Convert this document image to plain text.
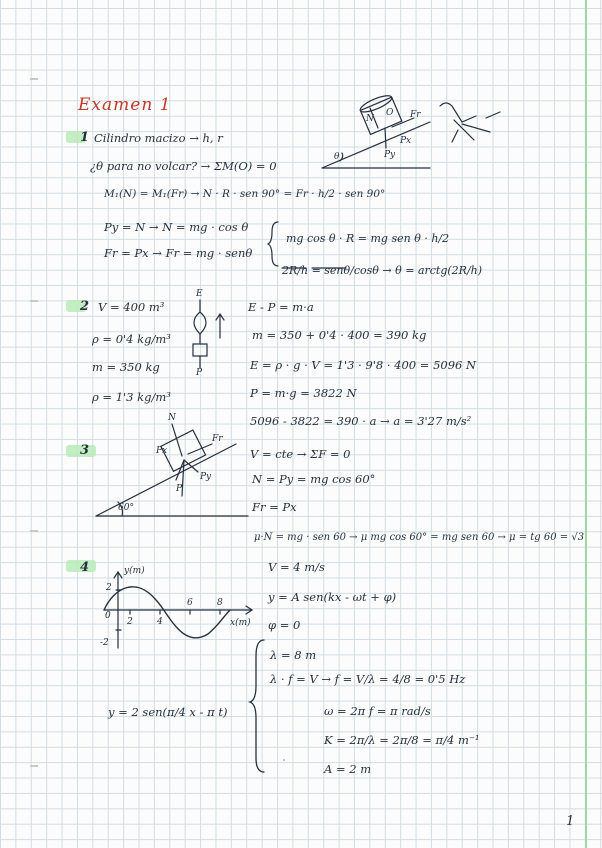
Examen 1
1
2
3
4
Cilindro macizo → h, r
¿θ para no volcar? → ΣM(O) = 0
M₁(N) = M₁(Fr) → N · R · sen 90° = Fr · h/2 · sen 90°
Py = N → N = mg · cos θ
Fr = Px → Fr = mg · senθ
mg cos θ · R = mg sen θ · h/2
2R/h = senθ/cosθ → θ = arctg(2R/h)
V = 400 m³
ρ = 0'4 kg/m³
m = 350 kg
ρ = 1'3 kg/m³
E - P = m·a
m = 350 + 0'4 · 400 = 390 kg
E = ρ · g · V = 1'3 · 9'8 · 400 = 5096 N
P = m·g = 3822 N
5096 - 3822 = 390 · a → a = 3'27 m/s²
V = cte → ΣF = 0
N = Py = mg cos 60°
Fr = Px
μ·N = mg · sen 60 → μ mg cos 60° = mg sen 60 → μ = tg 60 = √3
V = 4 m/s
y = A sen(kx - ωt + φ)
φ = 0
λ = 8 m
λ · f = V → f = V/λ = 4/8 = 0'5 Hz
ω = 2π f = π rad/s
K = 2π/λ = 2π/8 = π/4 m⁻¹
A = 2 m
y = 2 sen(π/4 x - π t)
N
O Fr
Py
Px
θ
E
P
N
Fr
Px
Py
P
60°
y(m)
x(m)
2
-2
0
2	4
6	8
1
